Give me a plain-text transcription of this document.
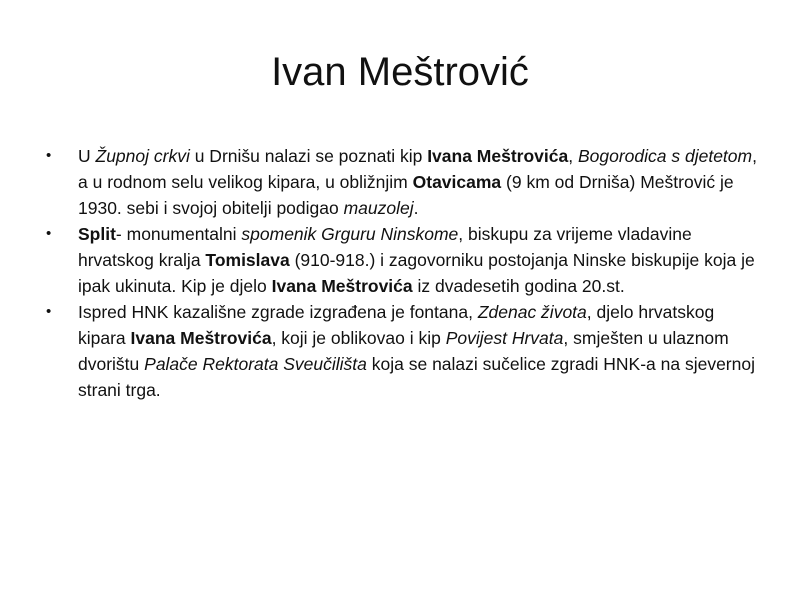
Ivan Meštrović
•	U Župnoj crkvi u Drnišu nalazi se poznati kip Ivana Meštrovića, Bogorodica s djetetom, a u rodnom selu velikog kipara, u obližnjim Otavicama (9 km od Drniša) Meštrović je 1930. sebi i svojoj obitelji podigao mauzolej.
•	Split- monumentalni spomenik Grguru Ninskome, biskupu za vrijeme vladavine hrvatskog kralja Tomislava (910-918.) i zagovorniku postojanja Ninske biskupije koja je ipak ukinuta. Kip je djelo Ivana Meštrovića iz dvadesetih godina 20.st.
•	Ispred HNK kazališne zgrade izgrađena je fontana, Zdenac života, djelo hrvatskog kipara Ivana Meštrovića, koji je oblikovao i kip Povijest Hrvata, smješten u ulaznom dvorištu Palače Rektorata Sveučilišta koja se nalazi sučelice zgradi HNK-a na sjevernoj strani trga.
